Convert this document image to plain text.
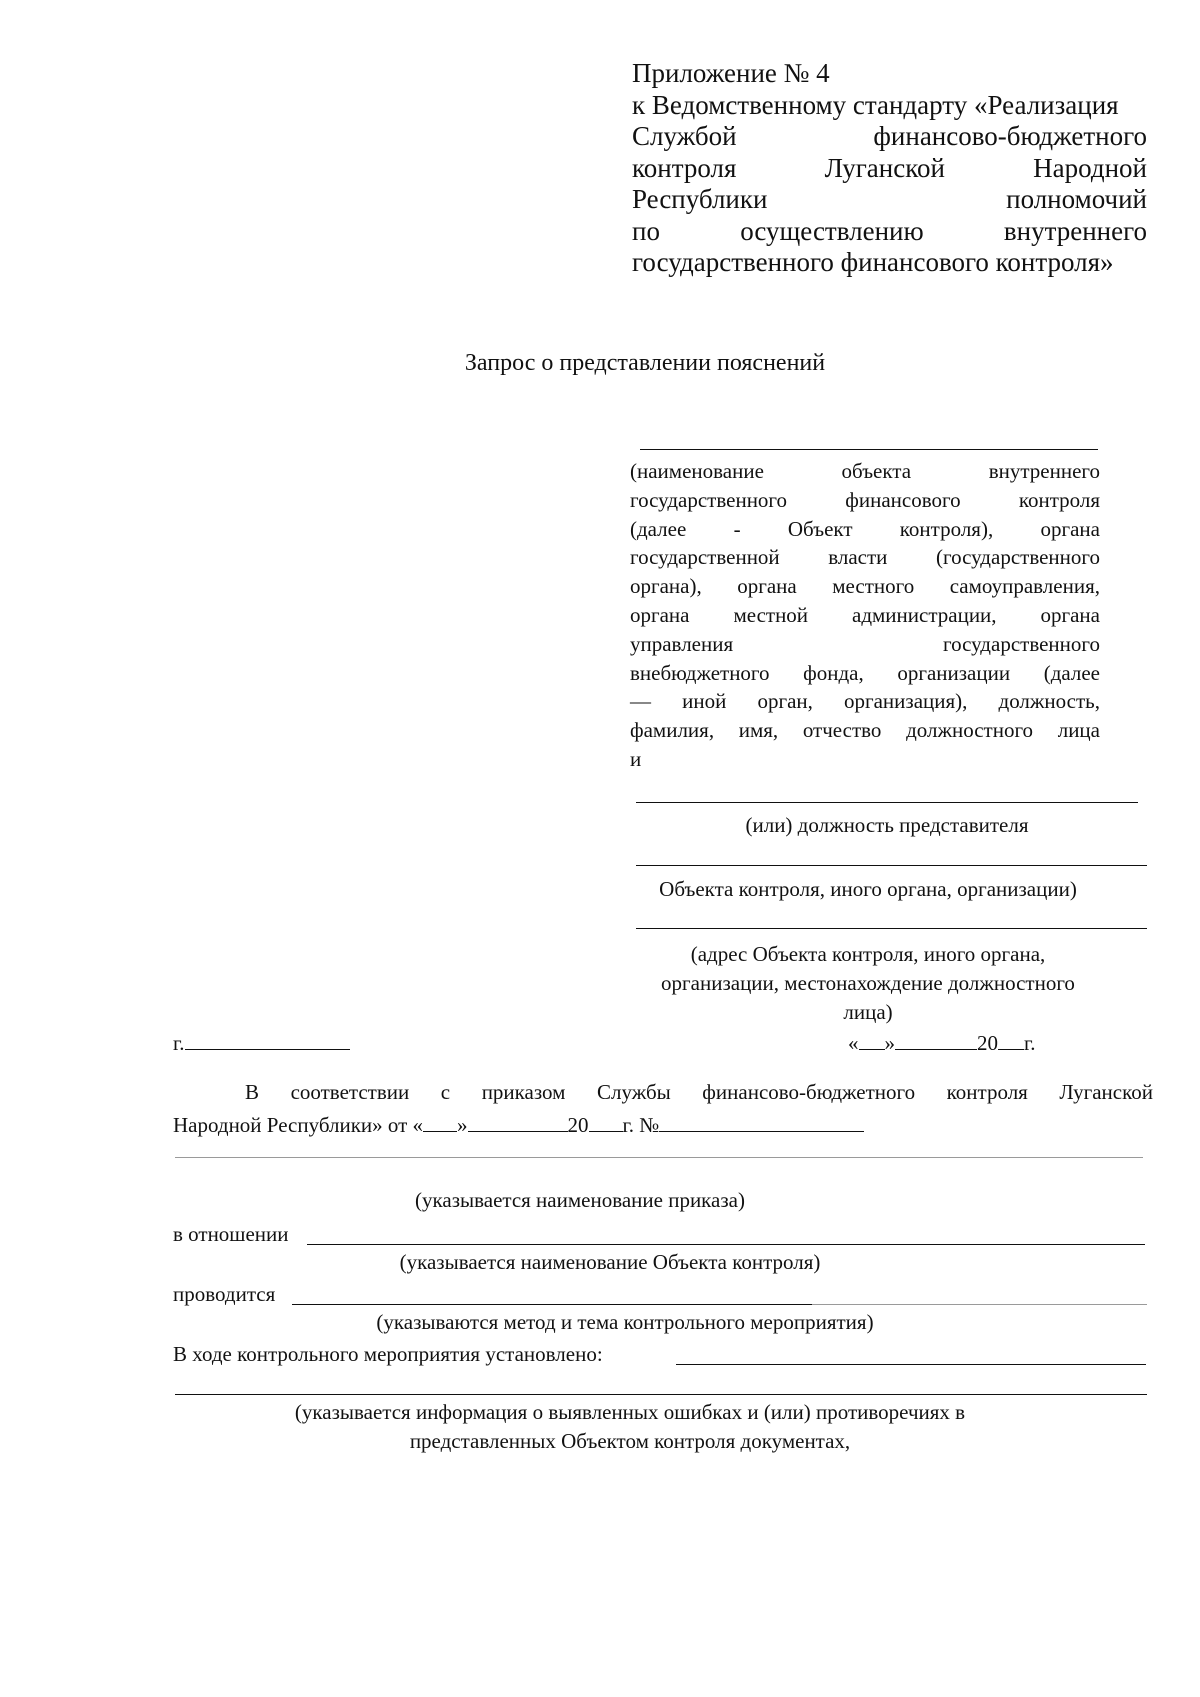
Приложение № 4
к Ведомственному стандарту «Реализация
Службой финансово-бюджетного
контроля Луганской Народной
Республики полномочий
по осуществлению внутреннего
государственного финансового контроля»
Запрос о представлении пояснений
(наименование объекта внутреннего
государственного финансового контроля
(далее - Объект контроля), органа
государственной власти (государственного
органа), органа местного самоуправления,
органа местной администрации, органа
управления государственного
внебюджетного фонда, организации (далее
— иной орган, организация), должность,
фамилия, имя, отчество должностного лица
и
(или) должность представителя
Объекта контроля, иного органа, организации)
(адрес Объекта контроля, иного органа,
организации, местонахождение должностного
лица)
г.	« »	20 г.
В соответствии с приказом Службы финансово-бюджетного контроля Луганской
Народной Республики» от « »	20 г. №
(указывается наименование приказа)
в отношении
(указывается наименование Объекта контроля)
проводится
(указываются метод и тема контрольного мероприятия)
В ходе контрольного мероприятия установлено:
(указывается информация о выявленных ошибках и (или) противоречиях в
представленных Объектом контроля документах,
